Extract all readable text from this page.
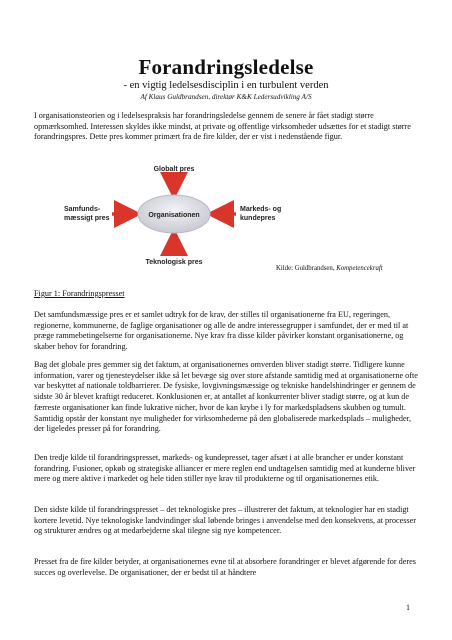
Forandringsledelse
- en vigtig ledelsesdisciplin i en turbulent verden
Af Klaus Guldbrandsen, direktør K&K Ledersudvikling A/S

I organisationsteorien og i ledelsespraksis har forandringsledelse gennem de senere år fået stadigt større opmærksomhed. Interessen skyldes ikke mindst, at private og offentlige virksomheder udsættes for et stadigt større forandringspres. Dette pres kommer primært fra de fire kilder, der er vist i nedenstående figur.

Organisationen
Globalt pres
Samfunds-
mæssigt pres
Markeds- og
kundepres
Teknologisk pres
Kilde: Guldbrandsen, Kompetencekraft
Figur 1: Forandringspresset

Det samfundsmæssige pres er et samlet udtryk for de krav, der stilles til organisationerne fra EU, regeringen, regionerne, kommunerne, de faglige organisationer og alle de andre interessegrupper i samfundet, der er med til at præge rammebetingelserne for organisationerne. Nye krav fra disse kilder påvirker konstant organisationerne, og skaber behov for forandring.

Bag det globale pres gemmer sig det faktum, at organisationernes omverden bliver stadigt større. Tidligere kunne information, varer og tjenesteydelser ikke så let bevæge sig over store afstande samtidig med at organisationerne ofte var beskyttet af nationale toldbarrierer. De fysiske, lovgivningsmæssige og tekniske handelshindringer er gennem de sidste 30 år blevet kraftigt reduceret. Konklusionen er, at antallet af konkurrenter bliver stadigt større, og at kun de færreste organisationer kan finde lukrative nicher, hvor de kan krybe i ly for markedspladsens skubben og tumult. Samtidig opstår der konstant nye muligheder for virksomhederne på den globaliserede markedsplads – muligheder, der ligeledes presser på for forandring.

Den tredje kilde til forandringspresset, markeds- og kundepresset, tager afsæt i at alle brancher er under konstant forandring. Fusioner, opkøb og strategiske alliancer er mere reglen end undtagelsen samtidig med at kunderne bliver mere og mere aktive i markedet og hele tiden stiller nye krav til produkterne og til organisationernes etik.

Den sidste kilde til forandringspresset – det teknologiske pres – illustrerer det faktum, at teknologier har en stadigt kortere levetid. Nye teknologiske landvindinger skal løbende bringes i anvendelse med den konsekvens, at processer og strukturer ændres og at medarbejderne skal tilegne sig nye kompetencer.

Presset fra de fire kilder betyder, at organisationernes evne til at absorbere forandringer er blevet afgørende for deres succes og overlevelse. De organisationer, der er bedst til at håndtere

1
